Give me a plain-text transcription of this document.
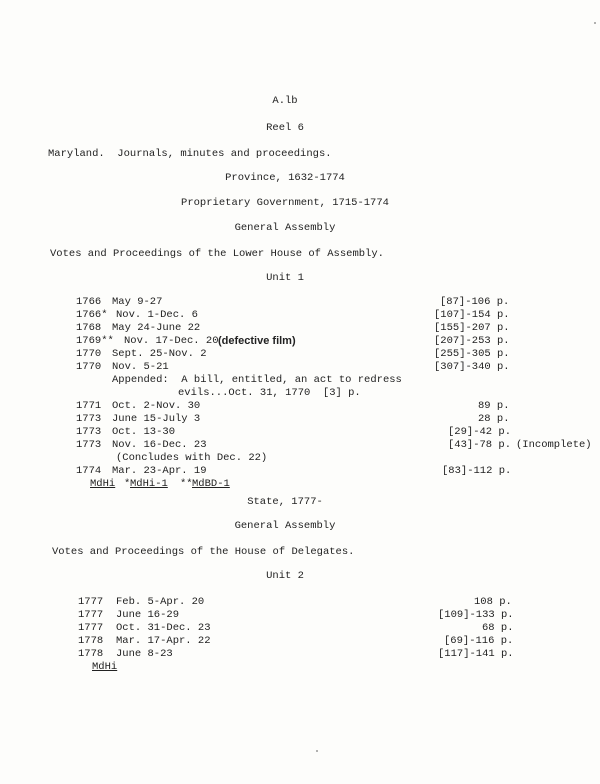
A.lb
Reel 6
Maryland.  Journals, minutes and proceedings.
Province, 1632-1774
Proprietary Government, 1715-1774
General Assembly
Votes and Proceedings of the Lower House of Assembly.
Unit 1
1766 May 9-27	[87]-106 p.
1766* Nov. 1-Dec. 6	[107]-154 p.
1768 May 24-June 22	[155]-207 p.
1769** Nov. 17-Dec. 20 (defective film)	[207]-253 p.
1770 Sept. 25-Nov. 2	[255]-305 p.
1770 Nov. 5-21	[307]-340 p.
Appended:  A bill, entitled, an act to redress
evils...Oct. 31, 1770  [3] p.
1771 Oct. 2-Nov. 30	89 p.
1773 June 15-July 3	28 p.
1773 Oct. 13-30	[29]-42 p.
1773 Nov. 16-Dec. 23	[43]-78 p. (Incomplete)
(Concludes with Dec. 22)
1774 Mar. 23-Apr. 19	[83]-112 p.
MdHi * MdHi-1 ** MdBD-1
State, 1777-
General Assembly
Votes and Proceedings of the House of Delegates.
Unit 2
1777 Feb. 5-Apr. 20	108 p.
1777 June 16-29	[109]-133 p.
1777 Oct. 31-Dec. 23	68 p.
1778 Mar. 17-Apr. 22	[69]-116 p.
1778 June 8-23	[117]-141 p.
MdHi
